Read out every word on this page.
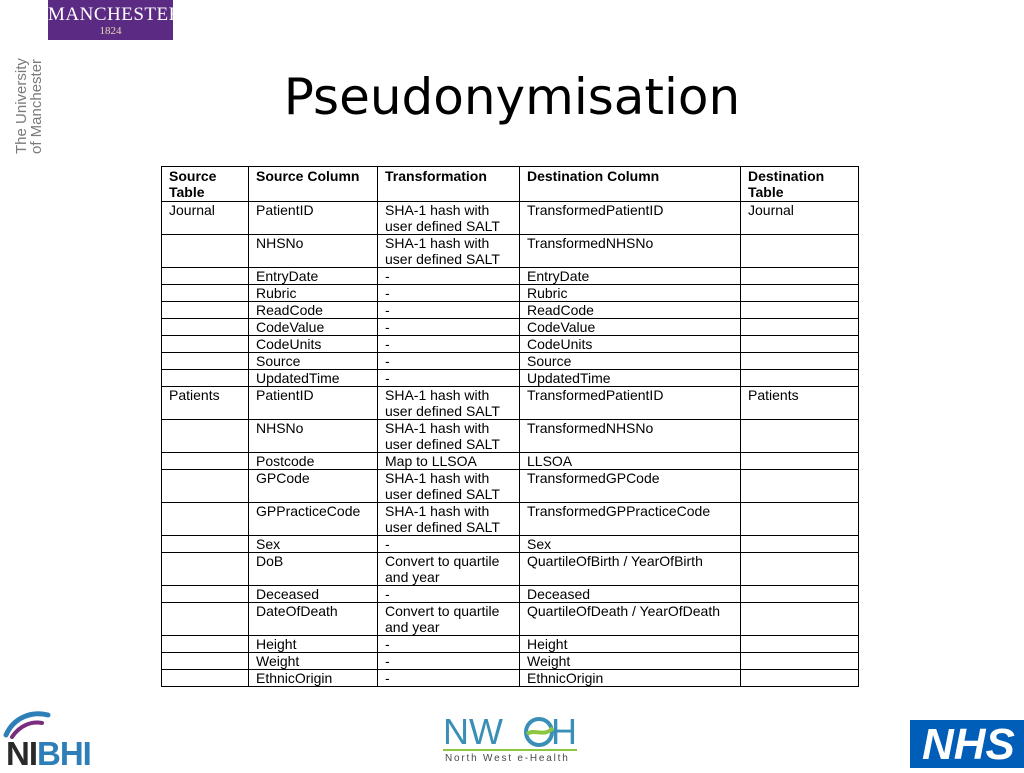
MANCHESTER
1824
The University of Manchester	Pseudonymisation
Source Table	Source Column	Transformation	Destination Column	Destination Table
Journal	PatientID	SHA-1 hash with user defined SALT	TransformedPatientID	Journal
	NHSNo	SHA-1 hash with user defined SALT	TransformedNHSNo	
	EntryDate	-	EntryDate	
	Rubric	-	Rubric	
	ReadCode	-	ReadCode	
	CodeValue	-	CodeValue	
	CodeUnits	-	CodeUnits	
	Source	-	Source	
	UpdatedTime	-	UpdatedTime	
Patients	PatientID	SHA-1 hash with user defined SALT	TransformedPatientID	Patients
	NHSNo	SHA-1 hash with user defined SALT	TransformedNHSNo	
	Postcode	Map to LLSOA	LLSOA	
	GPCode	SHA-1 hash with user defined SALT	TransformedGPCode	
	GPPracticeCode	SHA-1 hash with user defined SALT	TransformedGPPracticeCode	
	Sex	-	Sex	
	DoB	Convert to quartile and year	QuartileOfBirth / YearOfBirth	
	Deceased	-	Deceased	
	DateOfDeath	Convert to quartile and year	QuartileOfDeath / YearOfDeath	
	Height	-	Height	
	Weight	-	Weight	
	EthnicOrigin	-	EthnicOrigin	
NIBHI
NW H
North West e-Health	NHS
